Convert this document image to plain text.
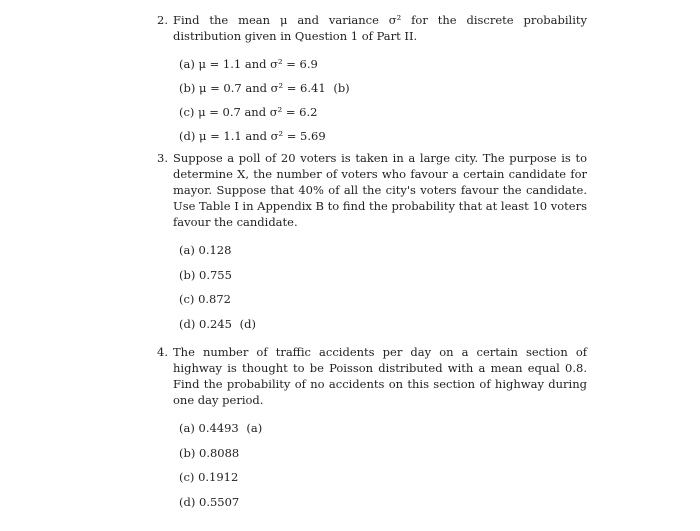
2. Find the mean μ and variance σ² for the discrete probability distribution given in Question 1 of Part II.
(a) μ = 1.1 and σ² = 6.9
(b) μ = 0.7 and σ² = 6.41 (b)
(c) μ = 0.7 and σ² = 6.2
(d) μ = 1.1 and σ² = 5.69
3. Suppose a poll of 20 voters is taken in a large city. The purpose is to determine X, the number of voters who favour a certain candidate for mayor. Suppose that 40% of all the city's voters favour the candidate. Use Table I in Appendix B to find the probability that at least 10 voters favour the candidate.
(a) 0.128
(b) 0.755
(c) 0.872
(d) 0.245 (d)
4. The number of traffic accidents per day on a certain section of highway is thought to be Poisson distributed with a mean equal 0.8. Find the probability of no accidents on this section of highway during one day period.
(a) 0.4493 (a)
(b) 0.8088
(c) 0.1912
(d) 0.5507
